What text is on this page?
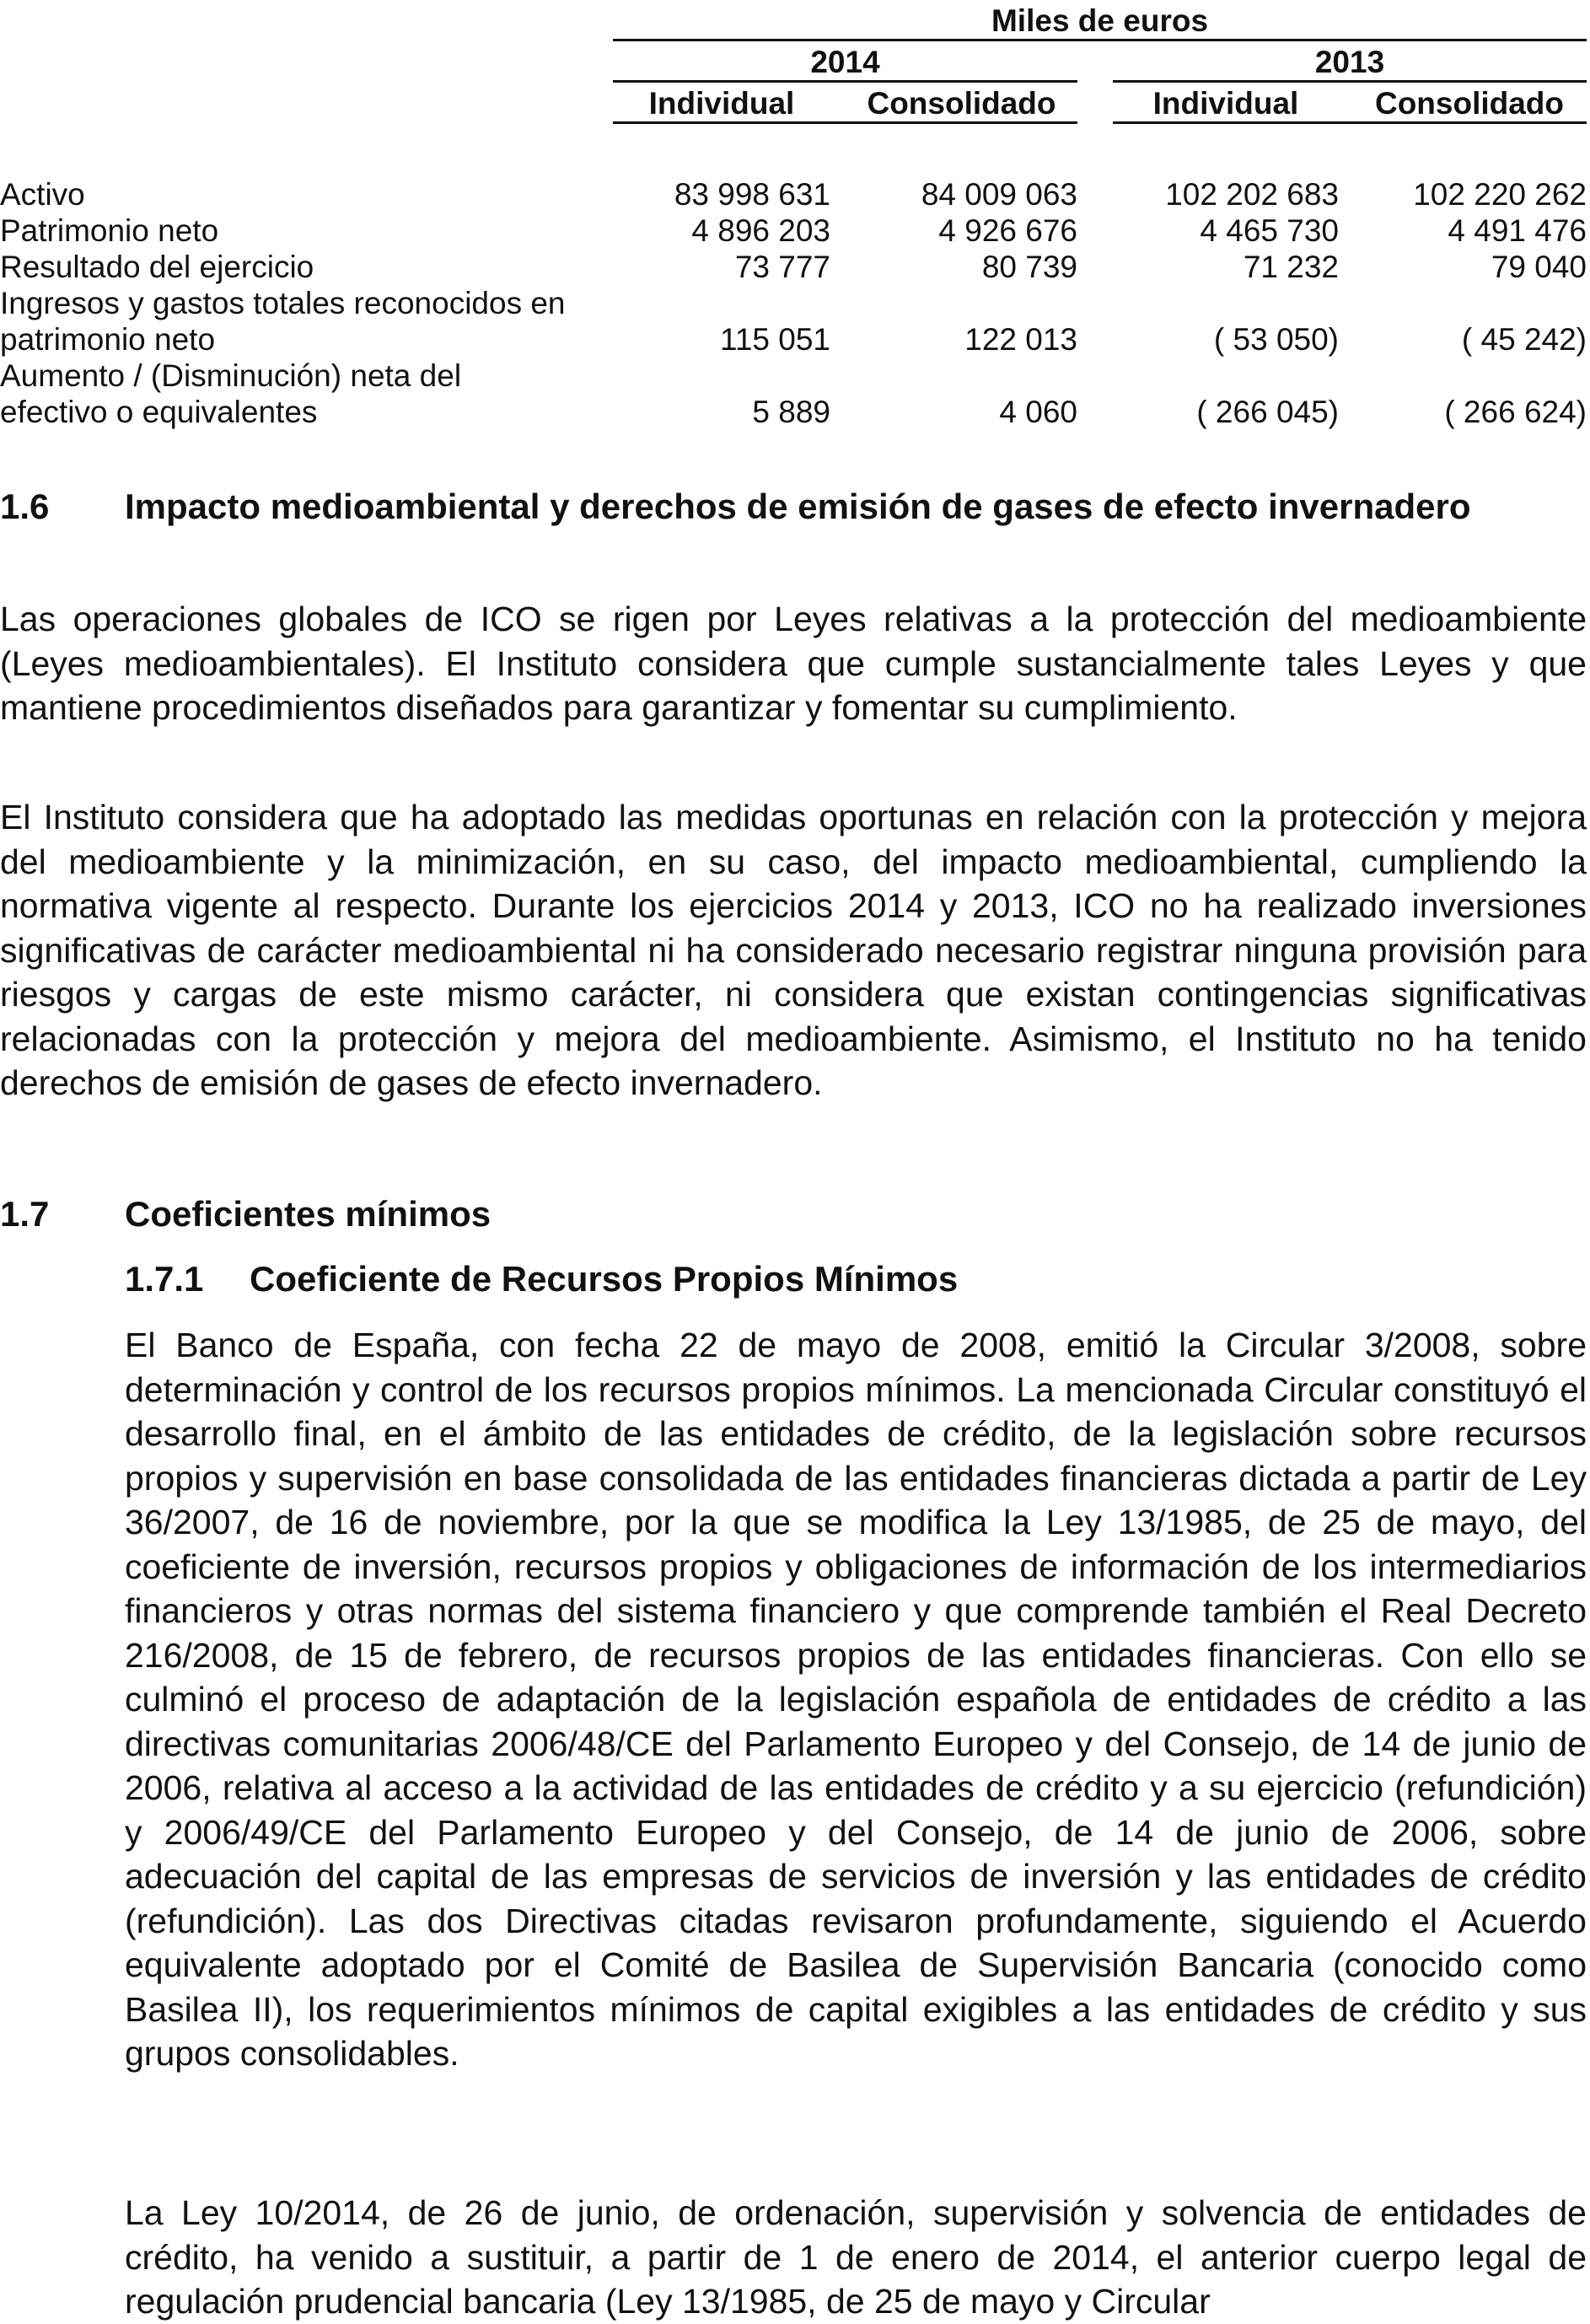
	Miles de euros						
	2014				2013		
	Individual		Consolidado		Individual		Consolidado

Activo	83 998 631		84 009 063		102 202 683		102 220 262
Patrimonio neto	4 896 203		4 926 676		4 465 730		4 491 476
Resultado del ejercicio	73 777		80 739		71 232		79 040
Ingresos y gastos totales reconocidos en patrimonio neto	115 051		122 013		( 53 050)		( 45 242)
Aumento / (Disminución) neta del efectivo o equivalentes	5 889		4 060		( 266 045)		( 266 624)
1.6 Impacto medioambiental y derechos de emisión de gases de efecto invernadero

Las operaciones globales de ICO se rigen por Leyes relativas a la protección del medioambiente (Leyes medioambientales). El Instituto considera que cumple sustancialmente tales Leyes y que mantiene procedimientos diseñados para garantizar y fomentar su cumplimiento.

El Instituto considera que ha adoptado las medidas oportunas en relación con la protección y mejora del medioambiente y la minimización, en su caso, del impacto medioambiental, cumpliendo la normativa vigente al respecto. Durante los ejercicios 2014 y 2013, ICO no ha realizado inversiones significativas de carácter medioambiental ni ha considerado necesario registrar ninguna provisión para riesgos y cargas de este mismo carácter, ni considera que existan contingencias significativas relacionadas con la protección y mejora del medioambiente. Asimismo, el Instituto no ha tenido derechos de emisión de gases de efecto invernadero.

1.7 Coeficientes mínimos
1.7.1 Coeficiente de Recursos Propios Mínimos

El Banco de España, con fecha 22 de mayo de 2008, emitió la Circular 3/2008, sobre determinación y control de los recursos propios mínimos. La mencionada Circular constituyó el desarrollo final, en el ámbito de las entidades de crédito, de la legislación sobre recursos propios y supervisión en base consolidada de las entidades financieras dictada a partir de Ley 36/2007, de 16 de noviembre, por la que se modifica la Ley 13/1985, de 25 de mayo, del coeficiente de inversión, recursos propios y obligaciones de información de los intermediarios financieros y otras normas del sistema financiero y que comprende también el Real Decreto 216/2008, de 15 de febrero, de recursos propios de las entidades financieras. Con ello se culminó el proceso de adaptación de la legislación española de entidades de crédito a las directivas comunitarias 2006/48/CE del Parlamento Europeo y del Consejo, de 14 de junio de 2006, relativa al acceso a la actividad de las entidades de crédito y a su ejercicio (refundición) y 2006/49/CE del Parlamento Europeo y del Consejo, de 14 de junio de 2006, sobre adecuación del capital de las empresas de servicios de inversión y las entidades de crédito (refundición). Las dos Directivas citadas revisaron profundamente, siguiendo el Acuerdo equivalente adoptado por el Comité de Basilea de Supervisión Bancaria (conocido como Basilea II), los requerimientos mínimos de capital exigibles a las entidades de crédito y sus grupos consolidables.

La Ley 10/2014, de 26 de junio, de ordenación, supervisión y solvencia de entidades de crédito, ha venido a sustituir, a partir de 1 de enero de 2014, el anterior cuerpo legal de regulación prudencial bancaria (Ley 13/1985, de 25 de mayo y Circular
